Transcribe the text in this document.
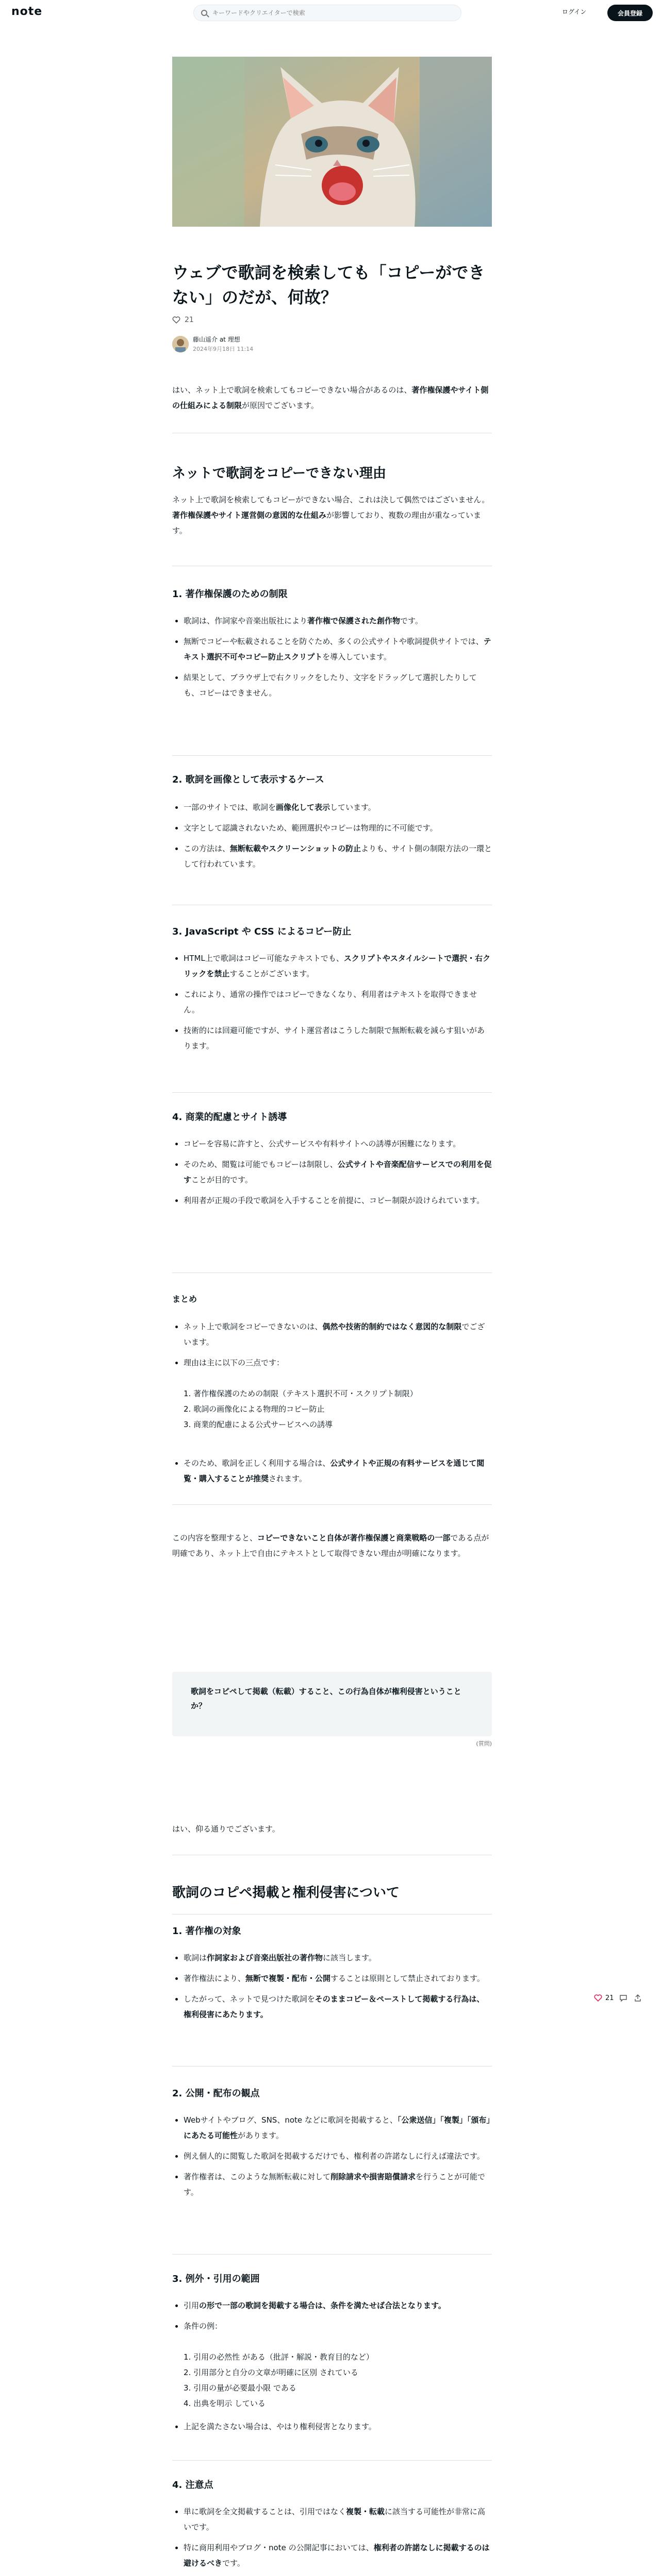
note
キーワードやクリエイターで検索	ログイン	会員登録
ウェブで歌詞を検索しても「コピーができない」のだが、何故？
21
藤山遥介 at 理想
2024年9月18日 11:14

はい、ネット上で歌詞を検索してもコピーできない場合があるのは、著作権保護やサイト側の仕組みによる制限が原因でございます。

ネットで歌詞をコピーできない理由

ネット上で歌詞を検索してもコピーができない場合、これは決して偶然ではございません。著作権保護やサイト運営側の意図的な仕組みが影響しており、複数の理由が重なっています。

1. 著作権保護のための制限
歌詞は、作詞家や音楽出版社により著作権で保護された創作物です。
無断でコピーや転載されることを防ぐため、多くの公式サイトや歌詞提供サイトでは、テキスト選択不可やコピー防止スクリプトを導入しています。
結果として、ブラウザ上で右クリックをしたり、文字をドラッグして選択したりしても、コピーはできません。
2. 歌詞を画像として表示するケース
一部のサイトでは、歌詞を画像化して表示しています。
文字として認識されないため、範囲選択やコピーは物理的に不可能です。
この方法は、無断転載やスクリーンショットの防止よりも、サイト側の制限方法の一環として行われています。
3. JavaScript や CSS によるコピー防止
HTML上で歌詞はコピー可能なテキストでも、スクリプトやスタイルシートで選択・右クリックを禁止することがございます。
これにより、通常の操作ではコピーできなくなり、利用者はテキストを取得できません。
技術的には回避可能ですが、サイト運営者はこうした制限で無断転載を減らす狙いがあります。
4. 商業的配慮とサイト誘導
コピーを容易に許すと、公式サービスや有料サイトへの誘導が困難になります。
そのため、閲覧は可能でもコピーは制限し、公式サイトや音楽配信サービスでの利用を促すことが目的です。
利用者が正規の手段で歌詞を入手することを前提に、コピー制限が設けられています。
まとめ
ネット上で歌詞をコピーできないのは、偶然や技術的制約ではなく意図的な制限でございます。
理由は主に以下の三点です：
1. 著作権保護のための制限（テキスト選択不可・スクリプト制限）
2. 歌詞の画像化による物理的コピー防止
3. 商業的配慮による公式サービスへの誘導
そのため、歌詞を正しく利用する場合は、公式サイトや正規の有料サービスを通じて閲覧・購入することが推奨されます。

この内容を整理すると、コピーできないこと自体が著作権保護と商業戦略の一部である点が明確であり、ネット上で自由にテキストとして取得できない理由が明確になります。

歌詞をコピペして掲載（転載）すること、この行為自体が権利侵害ということか？

(質問)

はい、仰る通りでございます。

歌詞のコピペ掲載と権利侵害について
1. 著作権の対象
歌詞は作詞家および音楽出版社の著作物に該当します。
著作権法により、無断で複製・配布・公開することは原則として禁止されております。
したがって、ネットで見つけた歌詞をそのままコピー＆ペーストして掲載する行為は、権利侵害にあたります。
2. 公開・配布の観点
Webサイトやブログ、SNS、note などに歌詞を掲載すると、「公衆送信」「複製」「頒布」にあたる可能性があります。
例え個人的に閲覧した歌詞を掲載するだけでも、権利者の許諾なしに行えば違法です。
著作権者は、このような無断転載に対して削除請求や損害賠償請求を行うことが可能です。
3. 例外・引用の範囲
引用の形で一部の歌詞を掲載する場合は、条件を満たせば合法となります。
条件の例：
1. 引用の必然性 がある（批評・解説・教育目的など）
2. 引用部分と自分の文章が明確に区別 されている
3. 引用の量が必要最小限 である
4. 出典を明示 している
上記を満たさない場合は、やはり権利侵害となります。
4. 注意点
単に歌詞を全文掲載することは、引用ではなく複製・転載に該当する可能性が非常に高いです。
特に商用利用やブログ・note の公開記事においては、権利者の許諾なしに掲載するのは避けるべきです。
21
